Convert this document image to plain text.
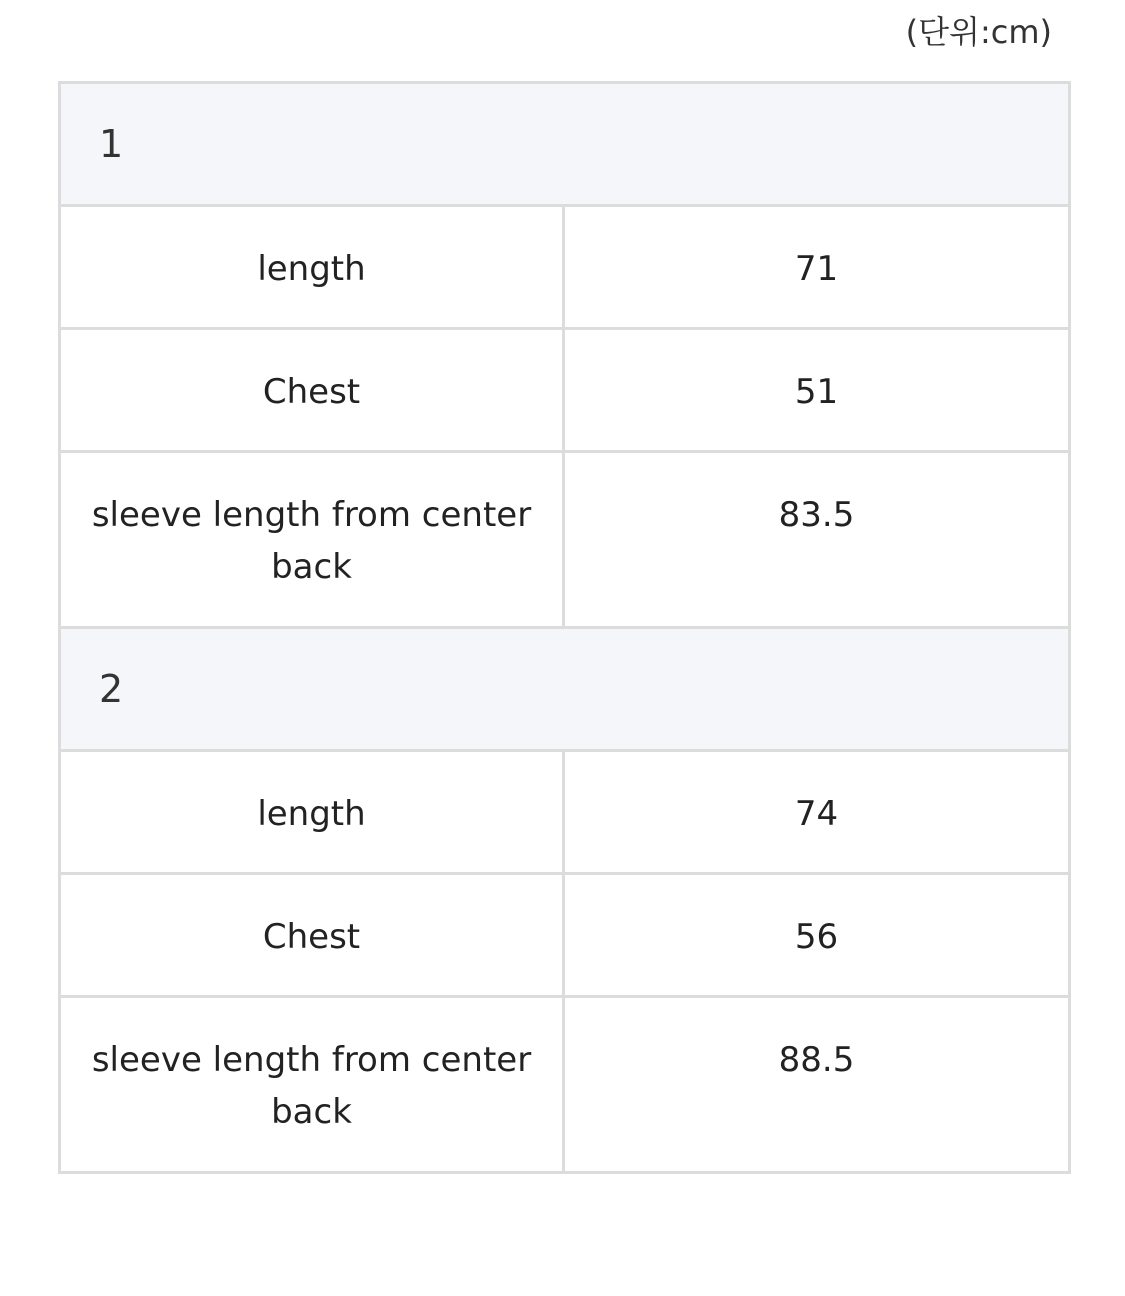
(단위:cm)
1	
length	71
Chest	51
sleeve length from center back	83.5
2	
length	74
Chest	56
sleeve length from center back	88.5
